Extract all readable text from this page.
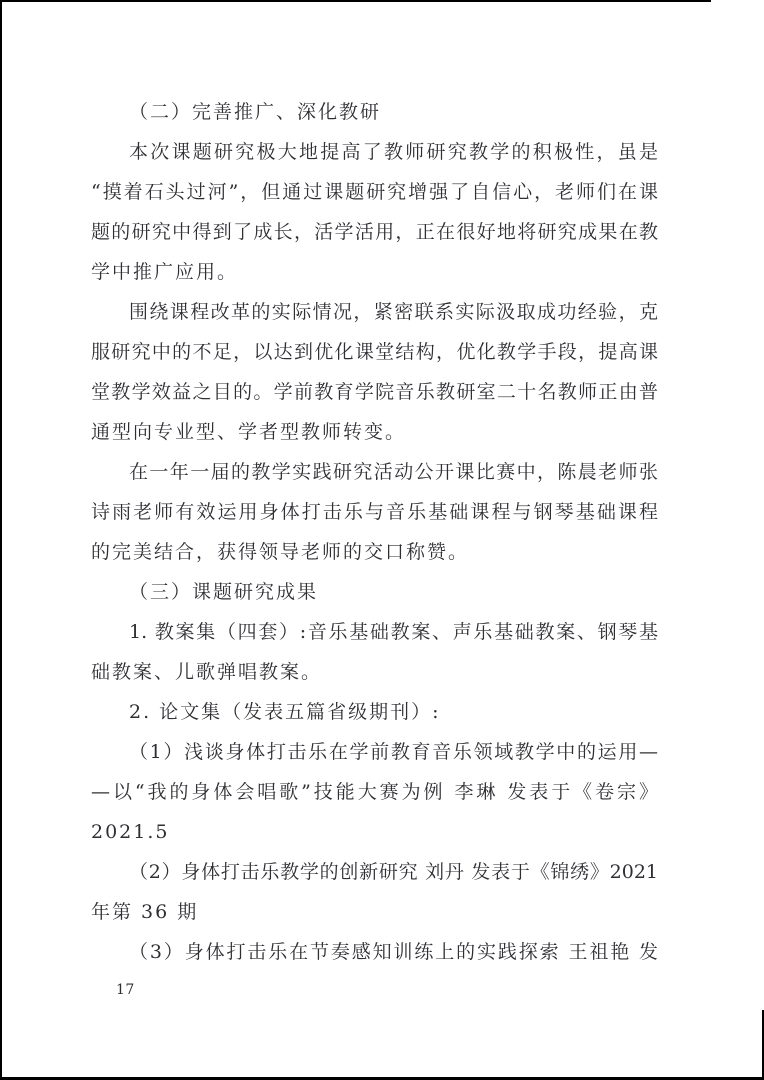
（二）完善推广、深化教研
本次课题研究极大地提高了教师研究教学的积极性，虽是
“摸着石头过河”，但通过课题研究增强了自信心，老师们在课
题的研究中得到了成长，活学活用，正在很好地将研究成果在教
学中推广应用。
围绕课程改革的实际情况，紧密联系实际汲取成功经验，克
服研究中的不足，以达到优化课堂结构，优化教学手段，提高课
堂教学效益之目的。学前教育学院音乐教研室二十名教师正由普
通型向专业型、学者型教师转变。
在一年一届的教学实践研究活动公开课比赛中，陈晨老师张
诗雨老师有效运用身体打击乐与音乐基础课程与钢琴基础课程
的完美结合，获得领导老师的交口称赞。
（三）课题研究成果
1. 教案集（四套）:音乐基础教案、声乐基础教案、钢琴基
础教案、儿歌弹唱教案。
2. 论文集（发表五篇省级期刊）:
（1）浅谈身体打击乐在学前教育音乐领域教学中的运用—
—以“我的身体会唱歌”技能大赛为例 李琳 发表于《卷宗》
2021.5
（2）身体打击乐教学的创新研究 刘丹 发表于《锦绣》2021
年第 36 期
（3）身体打击乐在节奏感知训练上的实践探索 王祖艳 发
17
